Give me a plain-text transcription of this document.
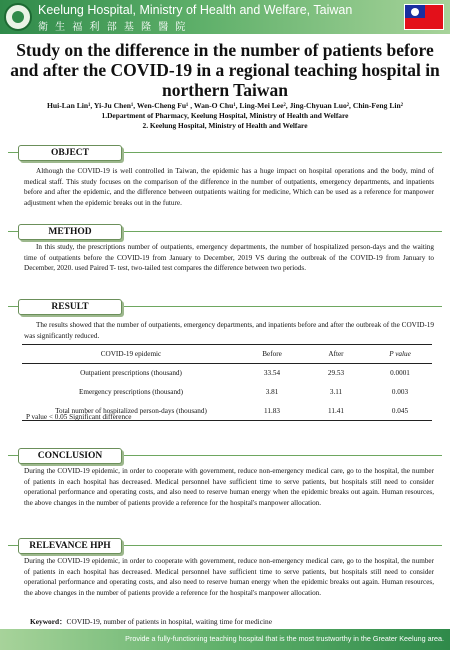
Keelung Hospital, Ministry of Health and Welfare, Taiwan
衛 生 福 利 部 基 隆 醫 院
Study on the difference in the number of patients before and after the COVID-19 in a regional teaching hospital in northern Taiwan
Hui-Lan Lin¹, Yi-Ju Chen¹, Wen-Cheng Fu¹ , Wan-O Chu¹, Ling-Mei Lee², Jing-Chyuan Luo², Chin-Feng Lin²
1.Department of Pharmacy, Keelung Hospital, Ministry of Health and Welfare
2. Keelung Hospital, Ministry of Health and Welfare
OBJECT
Although the COVID-19 is well controlled in Taiwan, the epidemic has a huge impact on hospital operations and the body, mind of medical staff. This study focuses on the comparison of the difference in the number of outpatients, emergency departments, and inpatients before and after the epidemic, and the difference between outpatients waiting for medicine, Which can be used as a reference for manpower adjustment when the epidemic breaks out in the future.
METHOD
In this study, the prescriptions number of outpatients, emergency departments, the number of hospitalized person-days and the waiting time of outpatients before the COVID-19 from January to December, 2019 VS during the outbreak of the COVID-19 from January to December, 2020. used Paired T- test, two-tailed test compares the difference between two periods.
RESULT
The results showed that the number of outpatients, emergency departments, and inpatients before and after the outbreak of the COVID-19 was significantly reduced.
COVID-19 epidemic	Before	After	P value
Outpatient prescriptions (thousand)	33.54	29.53	0.0001
Emergency prescriptions (thousand)	3.81	3.11	0.003
Total number of hospitalized person-days (thousand)	11.83	11.41	0.045
P value < 0.05 Significant difference
CONCLUSION
During the COVID-19 epidemic, in order to cooperate with government, reduce non-emergency medical care, go to the hospital, the number of patients in each hospital has decreased. Medical personnel have sufficient time to serve patients, but hospitals still need to consider operational performance and operating costs, and also need to reserve human energy when the epidemic breaks out again. Human resources, the above changes in the number of patients provide a reference for the hospital's manpower allocation.
RELEVANCE HPH
During the COVID-19 epidemic, in order to cooperate with government, reduce non-emergency medical care, go to the hospital, the number of patients in each hospital has decreased. Medical personnel have sufficient time to serve patients, but hospitals still need to consider operational performance and operating costs, and also need to reserve human energy when the epidemic breaks out again. Human resources, the above changes in the number of patients provide a reference for the hospital's manpower allocation.
Keyword：COVID-19, number of patients in hospital, waiting time for medicine
Provide a fully-functioning teaching hospital that is the most trustworthy in the Greater Keelung area.
